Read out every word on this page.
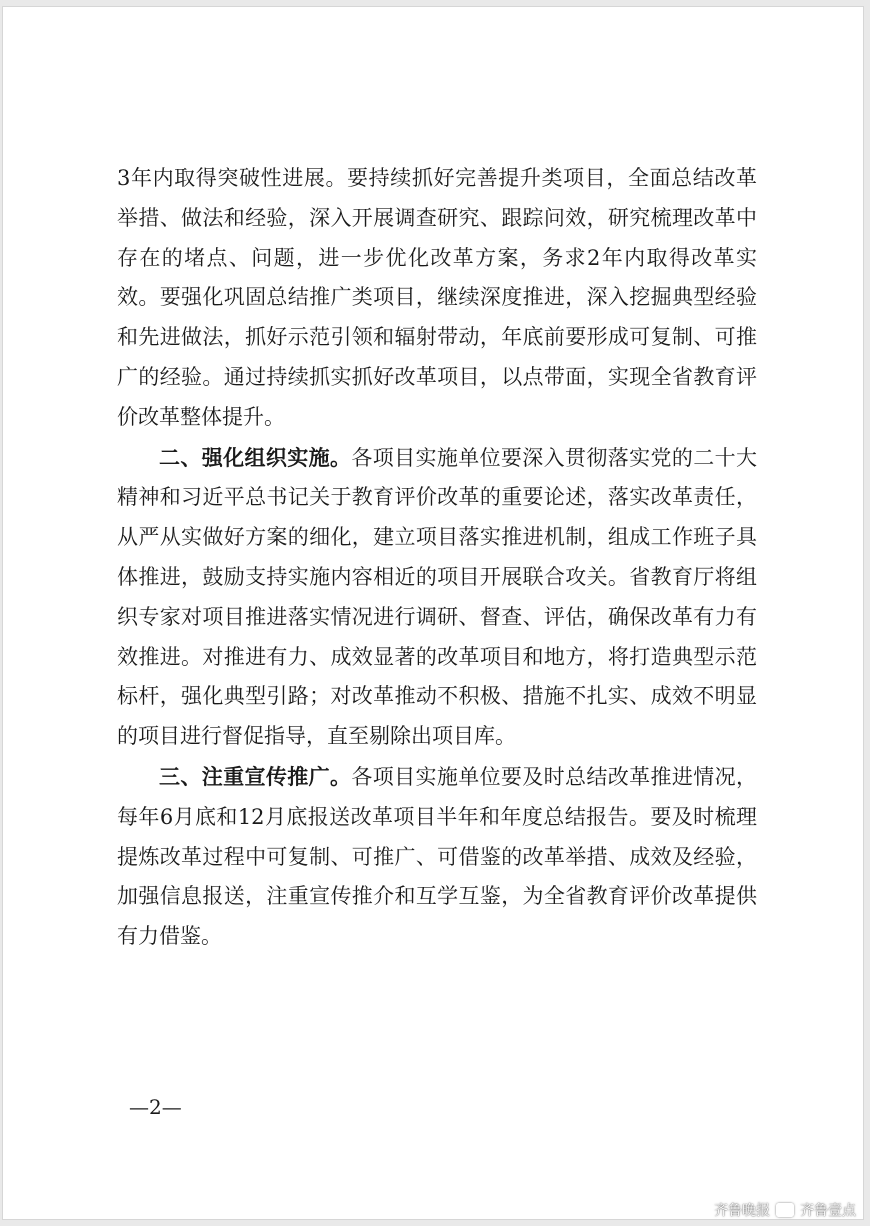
3年内取得突破性进展。要持续抓好完善提升类项目，全面总结改革举措、做法和经验，深入开展调查研究、跟踪问效，研究梳理改革中存在的堵点、问题，进一步优化改革方案，务求2年内取得改革实效。要强化巩固总结推广类项目，继续深度推进，深入挖掘典型经验和先进做法，抓好示范引领和辐射带动，年底前要形成可复制、可推广的经验。通过持续抓实抓好改革项目，以点带面，实现全省教育评价改革整体提升。

二、强化组织实施。各项目实施单位要深入贯彻落实党的二十大精神和习近平总书记关于教育评价改革的重要论述，落实改革责任，从严从实做好方案的细化，建立项目落实推进机制，组成工作班子具体推进，鼓励支持实施内容相近的项目开展联合攻关。省教育厅将组织专家对项目推进落实情况进行调研、督查、评估，确保改革有力有效推进。对推进有力、成效显著的改革项目和地方，将打造典型示范标杆，强化典型引路；对改革推动不积极、措施不扎实、成效不明显的项目进行督促指导，直至剔除出项目库。

三、注重宣传推广。各项目实施单位要及时总结改革推进情况，每年6月底和12月底报送改革项目半年和年度总结报告。要及时梳理提炼改革过程中可复制、可推广、可借鉴的改革举措、成效及经验，加强信息报送，注重宣传推介和互学互鉴，为全省教育评价改革提供有力借鉴。

—2—
齐鲁晚报 齐鲁壹点
